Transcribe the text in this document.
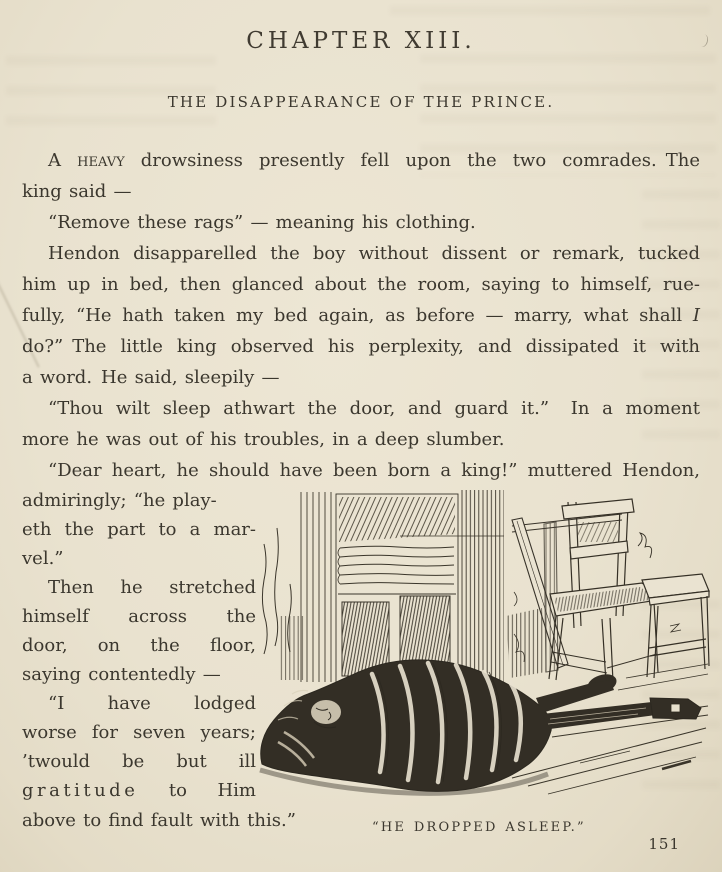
CHAPTER XIII.
THE DISAPPEARANCE OF THE PRINCE.
A heavy drowsiness presently fell upon the two comrades. The
king said —
“Remove these rags” — meaning his clothing.
Hendon disapparelled the boy without dissent or remark, tucked
him up in bed, then glanced about the room, saying to himself, rue-
fully, “He hath taken my bed again, as before — marry, what shall I
do?” The little king observed his perplexity, and dissipated it with
a word. He said, sleepily —
“Thou wilt sleep athwart the door, and guard it.”  In a moment
more he was out of his troubles, in a deep slumber.
“Dear heart, he should have been born a king!” muttered Hendon,
admiringly; “he play-
eth the part to a mar-
vel.”
Then he stretched
himself across the
door, on the floor,
saying contentedly —
“I have lodged
worse for seven years;
’twould be but ill
gratitude to Him
above to find fault with this.”	“HE DROPPED ASLEEP.”
151
